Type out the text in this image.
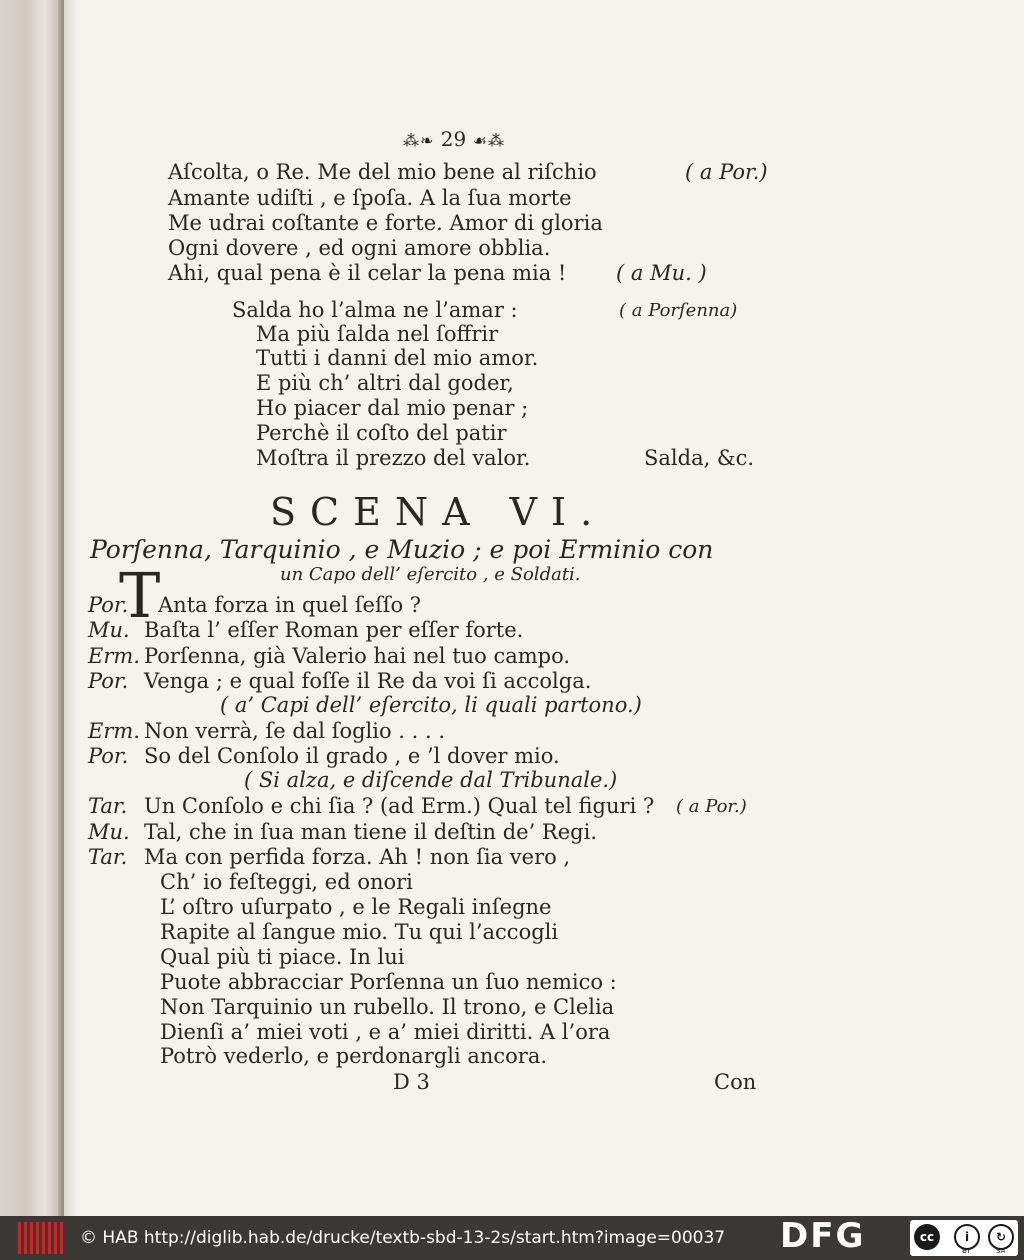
⁂❧ 29 ☙⁂
Aſcolta, o Re. Me del mio bene al riſchio	( a Por.)
Amante udiſti , e ſpoſa. A la ſua morte
Me udrai coſtante e forte. Amor di gloria
Ogni dovere , ed ogni amore obblia.
Ahi, qual pena è il celar la pena mia ! ( a Mu. )
Salda ho l’alma ne l’amar :	( a Porſenna)
Ma più ſalda nel ſoffrir
Tutti i danni del mio amor.
E più ch’ altri dal goder,
Ho piacer dal mio penar ;
Perchè il coſto del patir
Moſtra il prezzo del valor.	Salda, &c.
SCENA VI.
Porſenna, Tarquinio , e Muzio ; e poi Erminio con
un Capo dell’ eſercito , e Soldati.
T
Por. Anta forza in quel ſeſſo ?
Mu. Baſta l’ eſſer Roman per eſſer forte.
Erm. Porſenna, già Valerio hai nel tuo campo.
Por. Venga ; e qual foſſe il Re da voi ſi accolga.
( a’ Capi dell’ eſercito, li quali partono.)
Erm. Non verrà, ſe dal ſoglio . . . .
Por. So del Conſolo il grado , e ’l dover mio.
( Si alza, e diſcende dal Tribunale.)
Tar. Un Conſolo e chi ſia ? (ad Erm.) Qual tel figuri ? ( a Por.)
Mu. Tal, che in ſua man tiene il deſtin de’ Regi.
Tar. Ma con perfida forza. Ah ! non ſia vero ,
Ch’ io feſteggi, ed onori
L’ oſtro uſurpato , e le Regali inſegne
Rapite al ſangue mio. Tu qui l’accogli
Qual più ti piace. In lui
Puote abbracciar Porſenna un ſuo nemico :
Non Tarquinio un rubello. Il trono, e Clelia
Dienſi a’ miei voti , e a’ miei diritti. A l’ora
Potrò vederlo, e perdonargli ancora.
D 3	Con
© HAB http://diglib.hab.de/drucke/textb-sbd-13-2s/start.htm?image=00037 DFG	cc	i	↻
BY	SA
